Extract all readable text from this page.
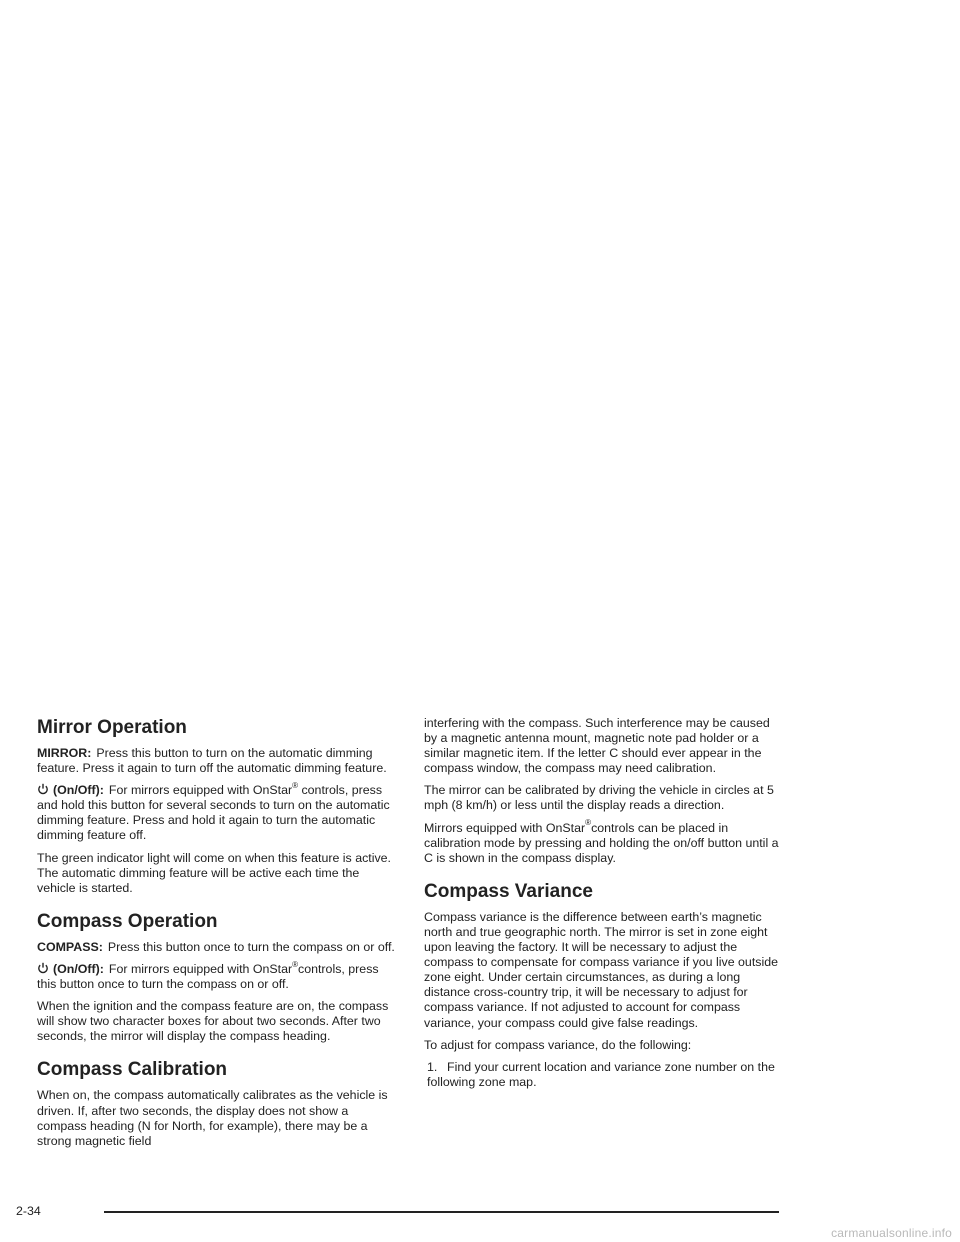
Mirror Operation

MIRROR: Press this button to turn on the automatic dimming feature. Press it again to turn off the automatic dimming feature.

(On/Off): For mirrors equipped with OnStar® controls, press and hold this button for several seconds to turn on the automatic dimming feature. Press and hold it again to turn the automatic dimming feature off.

The green indicator light will come on when this feature is active. The automatic dimming feature will be active each time the vehicle is started.

Compass Operation

COMPASS: Press this button once to turn the compass on or off.

(On/Off): For mirrors equipped with OnStar®controls, press this button once to turn the compass on or off.

When the ignition and the compass feature are on, the compass will show two character boxes for about two seconds. After two seconds, the mirror will display the compass heading.

Compass Calibration

When on, the compass automatically calibrates as the vehicle is driven. If, after two seconds, the display does not show a compass heading (N for North, for example), there may be a strong magnetic field

interfering with the compass. Such interference may be caused by a magnetic antenna mount, magnetic note pad holder or a similar magnetic item. If the letter C should ever appear in the compass window, the compass may need calibration.

The mirror can be calibrated by driving the vehicle in circles at 5 mph (8 km/h) or less until the display reads a direction.

Mirrors equipped with OnStar®controls can be placed in calibration mode by pressing and holding the on/off button until a C is shown in the compass display.

Compass Variance

Compass variance is the difference between earth’s magnetic north and true geographic north. The mirror is set in zone eight upon leaving the factory. It will be necessary to adjust the compass to compensate for compass variance if you live outside zone eight. Under certain circumstances, as during a long distance cross-country trip, it will be necessary to adjust for compass variance. If not adjusted to account for compass variance, your compass could give false readings.

To adjust for compass variance, do the following:

1. Find your current location and variance zone number on the following zone map.

2-34
carmanualsonline.info
